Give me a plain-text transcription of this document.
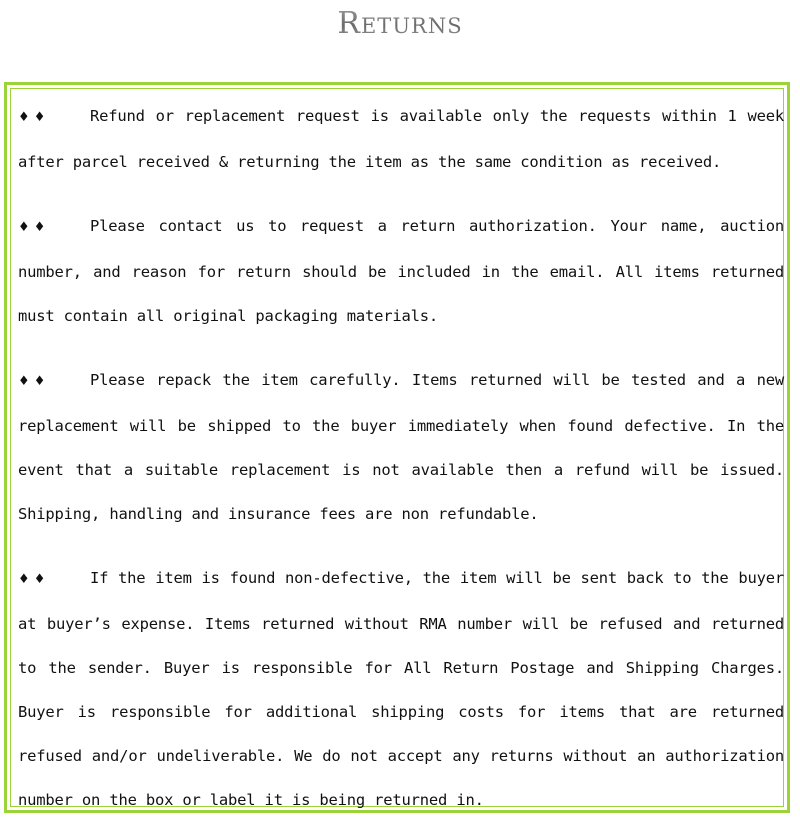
Returns

♦ ♦	Refund or replacement request is available only the requests within 1 week after parcel received & returning the item as the same condition as received.

♦ ♦	Please contact us to request a return authorization. Your name, auction number, and reason for return should be included in the email. All items returned must contain all original packaging materials.

♦ ♦	Please repack the item carefully. Items returned will be tested and a new replacement will be shipped to the buyer immediately when found defective. In the event that a suitable replacement is not available then a refund will be issued. Shipping, handling and insurance fees are non refundable.

♦ ♦	If the item is found non-defective, the item will be sent back to the buyer at buyer’s expense. Items returned without RMA number will be refused and returned to the sender. Buyer is responsible for All Return Postage and Shipping Charges. Buyer is responsible for additional shipping costs for items that are returned refused and/or undeliverable. We do not accept any returns without an authorization number on the box or label it is being returned in.
